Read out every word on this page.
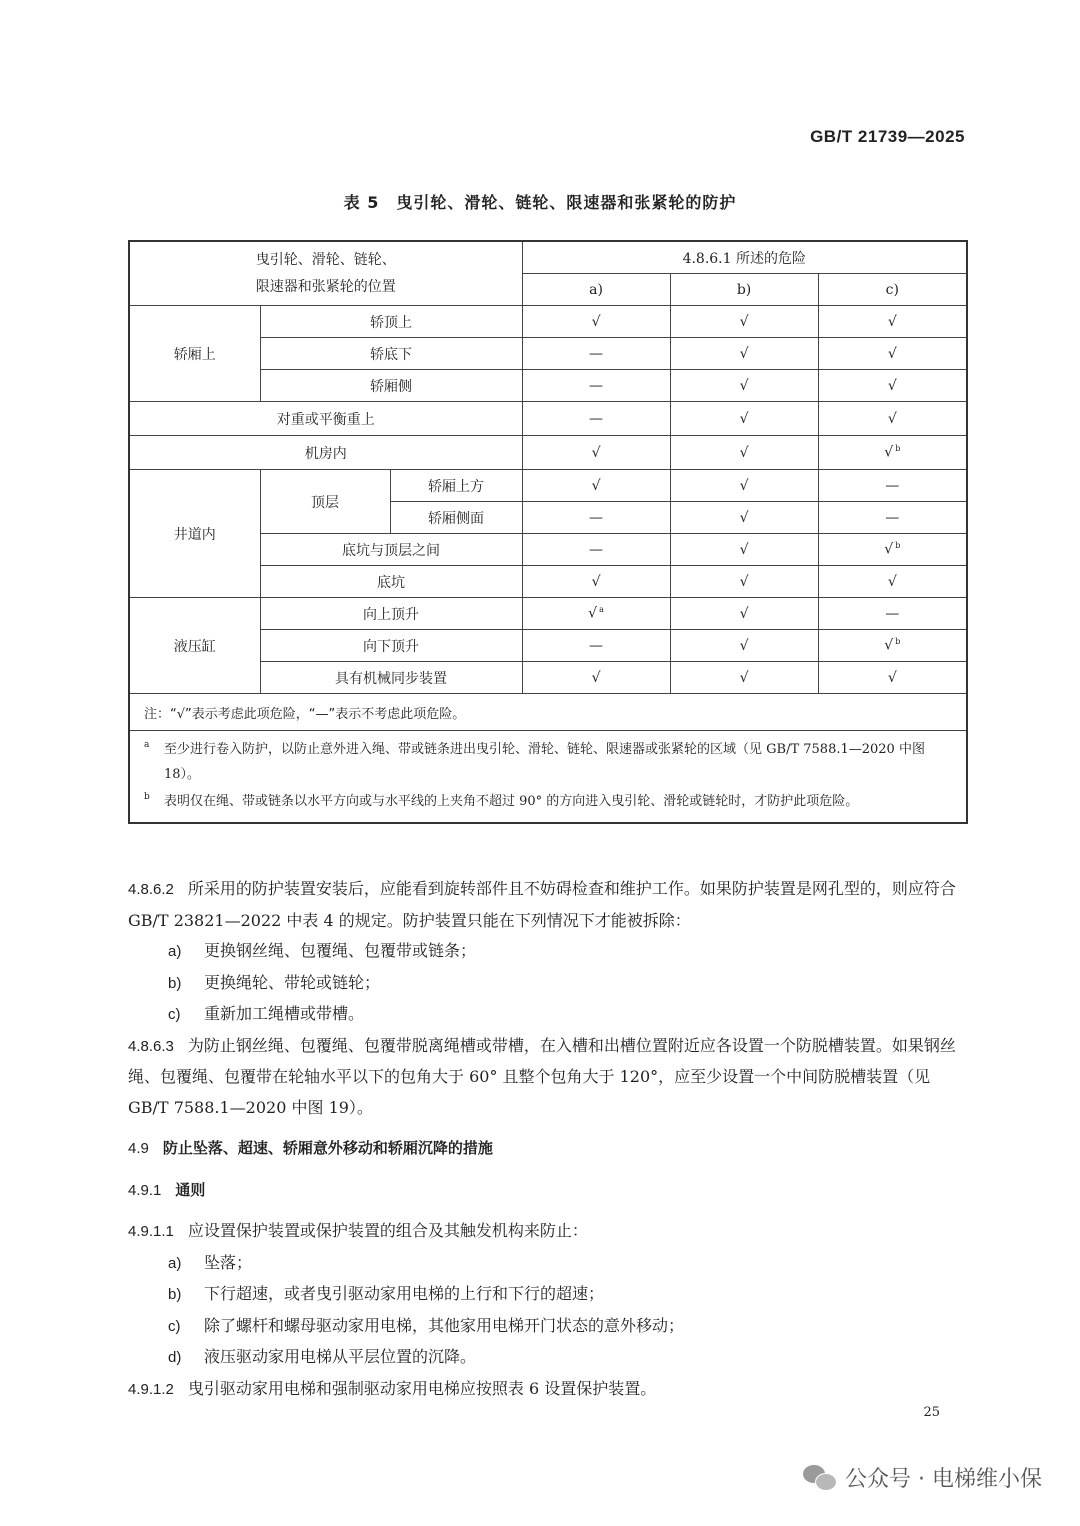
GB/T 21739—2025
表 5　曳引轮、滑轮、链轮、限速器和张紧轮的防护
曳引轮、滑轮、链轮、
限速器和张紧轮的位置			4.8.6.1 所述的危险		
			a)	b)	c)
轿厢上	轿顶上		√	√	√
	轿底下		—	√	√
	轿厢侧		—	√	√
对重或平衡重上			—	√	√
机房内			√	√	√ $^b$
井道内	顶层	轿厢上方	√	√	—
		轿厢侧面	—	√	—
	底坑与顶层之间		—	√	√ $^b$
	底坑		√	√	√
液压缸	向上顶升		√ $^a$	√	—
	向下顶升		—	√	√ $^b$
	具有机械同步装置		√	√	√
注：“√”表示考虑此项危险，“—”表示不考虑此项危险。					

a 至少进行卷入防护，以防止意外进入绳、带或链条进出曳引轮、滑轮、链轮、限速器或张紧轮的区域（见 GB/T 7588.1—2020 中图 18）。
b 表明仅在绳、带或链条以水平方向或与水平线的上夹角不超过 90° 的方向进入曳引轮、滑轮或链轮时，才防护此项危险。					
4.8.6.2 所采用的防护装置安装后，应能看到旋转部件且不妨碍检查和维护工作。如果防护装置是网孔型的，则应符合 GB/T 23821—2022 中表 4 的规定。防护装置只能在下列情况下才能被拆除：
a) 更换钢丝绳、包覆绳、包覆带或链条；
b) 更换绳轮、带轮或链轮；
c) 重新加工绳槽或带槽。
4.8.6.3 为防止钢丝绳、包覆绳、包覆带脱离绳槽或带槽，在入槽和出槽位置附近应各设置一个防脱槽装置。如果钢丝绳、包覆绳、包覆带在轮轴水平以下的包角大于 60° 且整个包角大于 120°，应至少设置一个中间防脱槽装置（见 GB/T 7588.1—2020 中图 19）。
4.9 防止坠落、超速、轿厢意外移动和轿厢沉降的措施
4.9.1 通则
4.9.1.1 应设置保护装置或保护装置的组合及其触发机构来防止：
a) 坠落；
b) 下行超速，或者曳引驱动家用电梯的上行和下行的超速；
c) 除了螺杆和螺母驱动家用电梯，其他家用电梯开门状态的意外移动；
d) 液压驱动家用电梯从平层位置的沉降。
4.9.1.2 曳引驱动家用电梯和强制驱动家用电梯应按照表 6 设置保护装置。
25
公众号 · 电梯维小保
